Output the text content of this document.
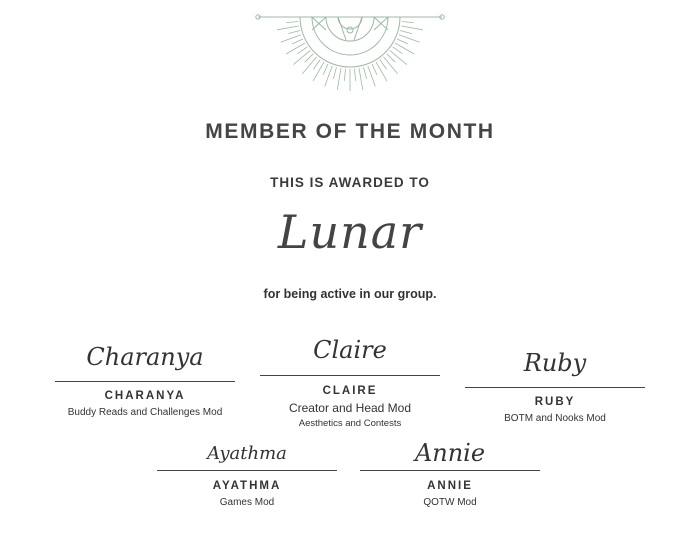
MEMBER OF THE MONTH
THIS IS AWARDED TO
Lunar
for being active in our group.
Charanya
CHARANYA
Buddy Reads and Challenges Mod
Claire
CLAIRE
Creator and Head Mod
Aesthetics and Contests
Ruby
RUBY
BOTM and Nooks Mod
Ayathma
AYATHMA
Games Mod
Annie
ANNIE
QOTW Mod
